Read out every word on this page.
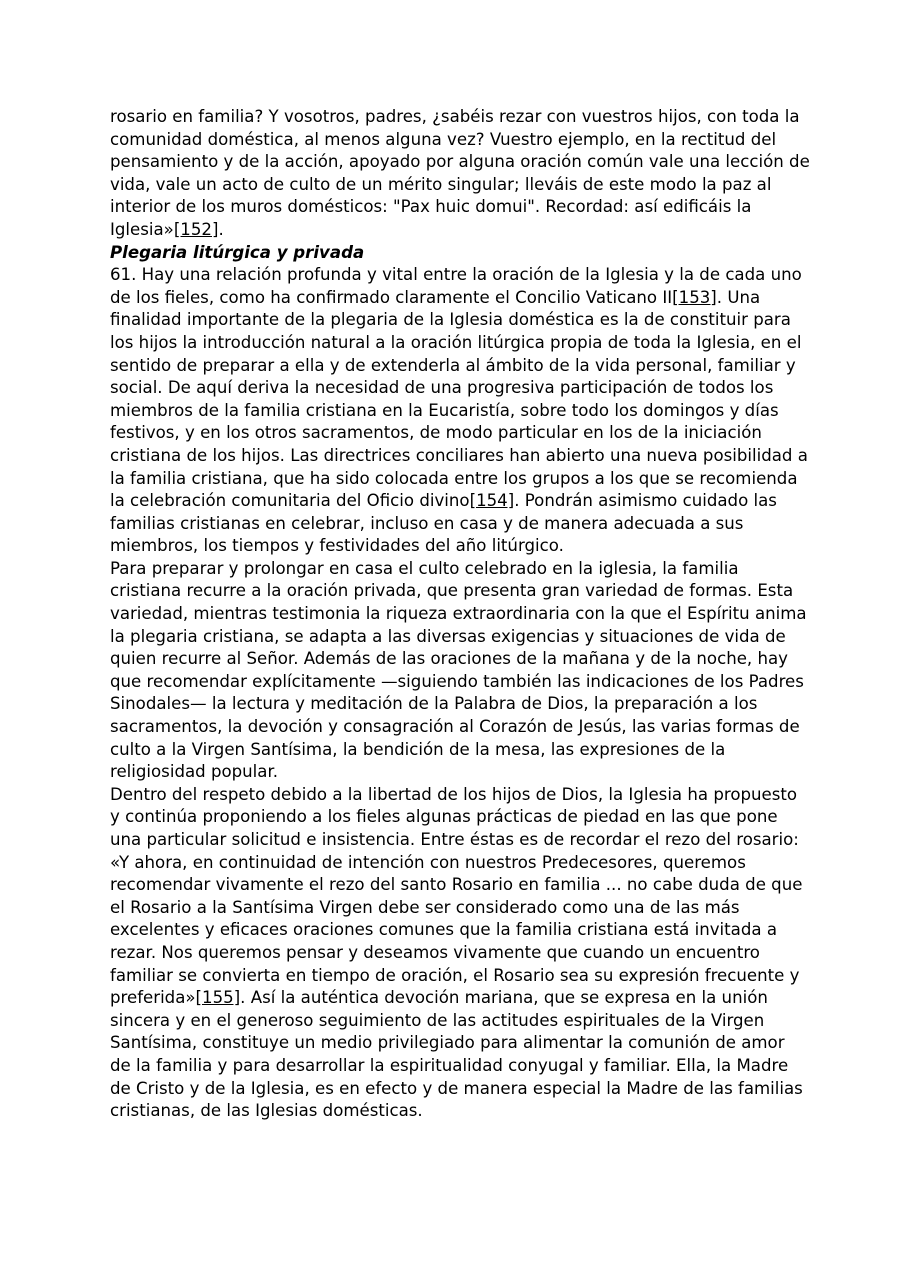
rosario en familia? Y vosotros, padres, ¿sabéis rezar con vuestros hijos, con toda la comunidad doméstica, al menos alguna vez? Vuestro ejemplo, en la rectitud del pensamiento y de la acción, apoyado por alguna oración común vale una lección de vida, vale un acto de culto de un mérito singular; lleváis de este modo la paz al interior de los muros domésticos: "Pax huic domui". Recordad: así edificáis la Iglesia»[152].

Plegaria litúrgica y privada

61. Hay una relación profunda y vital entre la oración de la Iglesia y la de cada uno de los fieles, como ha confirmado claramente el Concilio Vaticano II[153]. Una finalidad importante de la plegaria de la Iglesia doméstica es la de constituir para los hijos la introducción natural a la oración litúrgica propia de toda la Iglesia, en el sentido de preparar a ella y de extenderla al ámbito de la vida personal, familiar y social. De aquí deriva la necesidad de una progresiva participación de todos los miembros de la familia cristiana en la Eucaristía, sobre todo los domingos y días festivos, y en los otros sacramentos, de modo particular en los de la iniciación cristiana de los hijos. Las directrices conciliares han abierto una nueva posibilidad a la familia cristiana, que ha sido colocada entre los grupos a los que se recomienda la celebración comunitaria del Oficio divino[154]. Pondrán asimismo cuidado las familias cristianas en celebrar, incluso en casa y de manera adecuada a sus miembros, los tiempos y festividades del año litúrgico.

Para preparar y prolongar en casa el culto celebrado en la iglesia, la familia cristiana recurre a la oración privada, que presenta gran variedad de formas. Esta variedad, mientras testimonia la riqueza extraordinaria con la que el Espíritu anima la plegaria cristiana, se adapta a las diversas exigencias y situaciones de vida de quien recurre al Señor. Además de las oraciones de la mañana y de la noche, hay que recomendar explícitamente —siguiendo también las indicaciones de los Padres Sinodales— la lectura y meditación de la Palabra de Dios, la preparación a los sacramentos, la devoción y consagración al Corazón de Jesús, las varias formas de culto a la Virgen Santísima, la bendición de la mesa, las expresiones de la religiosidad popular.

Dentro del respeto debido a la libertad de los hijos de Dios, la Iglesia ha propuesto y continúa proponiendo a los fieles algunas prácticas de piedad en las que pone una particular solicitud e insistencia. Entre éstas es de recordar el rezo del rosario: «Y ahora, en continuidad de intención con nuestros Predecesores, queremos recomendar vivamente el rezo del santo Rosario en familia ... no cabe duda de que el Rosario a la Santísima Virgen debe ser considerado como una de las más excelentes y eficaces oraciones comunes que la familia cristiana está invitada a rezar. Nos queremos pensar y deseamos vivamente que cuando un encuentro familiar se convierta en tiempo de oración, el Rosario sea su expresión frecuente y preferida»[155]. Así la auténtica devoción mariana, que se expresa en la unión sincera y en el generoso seguimiento de las actitudes espirituales de la Virgen Santísima, constituye un medio privilegiado para alimentar la comunión de amor de la familia y para desarrollar la espiritualidad conyugal y familiar. Ella, la Madre de Cristo y de la Iglesia, es en efecto y de manera especial la Madre de las familias cristianas, de las Iglesias domésticas.
